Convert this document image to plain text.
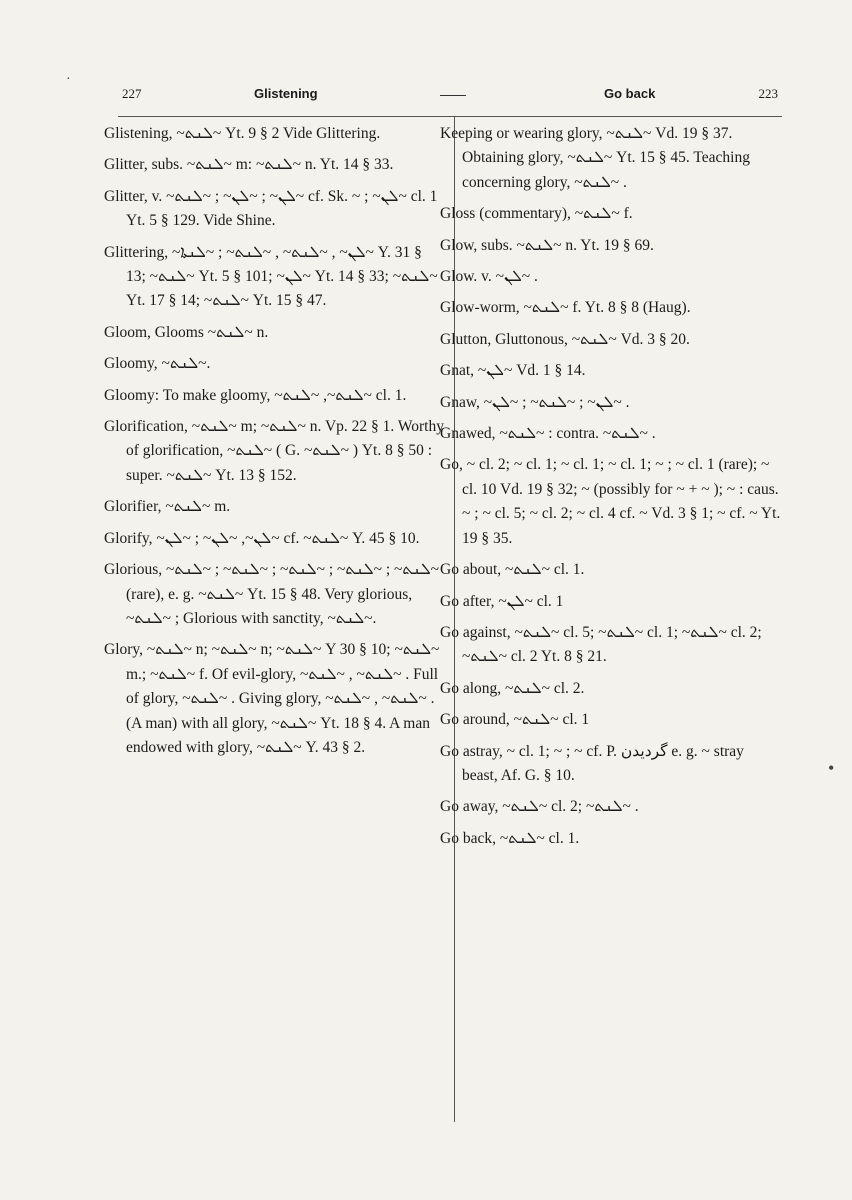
227	Glistening	Go back	223

Glistening, ~ܠܢܬ~ Yt. 9 § 2 Vide Glittering.

Glitter, subs. ~ܠܢܬ~ m: ~ܠܢܬ~ n. Yt. 14 § 33.

Glitter, v. ~ܠܢ~ ; ~ܠܢ~ ; ~ܠܢܬ~ cf. Sk. ~ ; ~ܠܢ~ cl. 1 Yt. 5 § 129. Vide Shine.

Glittering, ~ܠܢ~ , ~ܠܢܬ~ , ~ܠܢܬ~ ; ~ܠܢܬܐ~ Y. 31 § 13; ~ܠܢܬ~ Yt. 5 § 101; ~ܠܢ~ Yt. 14 § 33; ~ܠܢܬ~ Yt. 17 § 14; ~ܠܢܬ~ Yt. 15 § 47.

Gloom, Glooms ~ܠܢܬ~ n.

Gloomy, ~ܠܢܬ~.

Gloomy: To make gloomy, ~ܠܢܬ~, ~ܠܢܬ~ cl. 1.

Glorification, ~ܠܢܬ~ m; ~ܠܢܬ~ n. Vp. 22 § 1. Worthy of glorification, ~ܠܢܬ~ ( G. ~ܠܢܬ~ ) Yt. 8 § 50 : super. ~ܠܢܬ~ Yt. 13 § 152.

Glorifier, ~ܠܢܬ~ m.

Glorify, ~ܠܢ~, ~ܠܢ~ ; ~ܠܢ~ cf. ~ܠܢܬ~ Y. 45 § 10.

Glorious, ~ܠܢܬ~ ; ~ܠܢܬ~ ; ~ܠܢܬ~ ; ~ܠܢܬ~ ; ~ܠܢܬ~ (rare), e. g. ~ܠܢܬ~ Yt. 15 § 48. Very glorious, ~ܠܢܬ~ ; Glorious with sanctity, ~ܠܢܬ~.

Glory, ~ܠܢܬ~ n; ~ܠܢܬ~ n; ~ܠܢܬ~ Y 30 § 10; ~ܠܢܬ~ m.; ~ܠܢܬ~ f. Of evil-glory, ~ܠܢܬ~ , ~ܠܢܬ~ . Full of glory, ~ܠܢܬ~ . Giving glory, ~ܠܢܬ~ , ~ܠܢܬ~ . (A man) with all glory, ~ܠܢܬ~ Yt. 18 § 4. A man endowed with glory, ~ܠܢܬ~ Y. 43 § 2.

Keeping or wearing glory, ~ܠܢܬ~ Vd. 19 § 37. Obtaining glory, ~ܠܢܬ~ Yt. 15 § 45. Teaching concerning glory, ~ܠܢܬ~ .

Gloss (commentary), ~ܠܢܬ~ f.

Glow, subs. ~ܠܢܬ~ n. Yt. 19 § 69.

Glow. v. ~ܠܢ~ .

Glow-worm, ~ܠܢܬ~ f. Yt. 8 § 8 (Haug).

Glutton, Gluttonous, ~ܠܢܬ~ Vd. 3 § 20.

Gnat, ~ܠܢ~ Vd. 1 § 14.

Gnaw, ~ܠܢ~ ; ~ܠܢܬ~ ; ~ܠܢ~ .

Gnawed, ~ܠܢܬ~ : contra. ~ܠܢܬ~ .

Go, ~ cl. 2; ~ cl. 1; ~ cl. 1; ~ cl. 1; ~ ; ~ cl. 1 (rare); ~ cl. 10 Vd. 19 § 32; ~ (possibly for ~ + ~ ); ~ : caus. ~ ; ~ cl. 5; ~ cl. 2; ~ cl. 4 cf. ~ Vd. 3 § 1; ~ cf. ~ Yt. 19 § 35.

Go about, ~ܠܢܬ~ cl. 1.

Go after, ~ܠܢ~ cl. 1

Go against, ~ܠܢܬ~ cl. 5; ~ܠܢܬ~ cl. 1; ~ܠܢܬ~ cl. 2; ~ܠܢܬ~ cl. 2 Yt. 8 § 21.

Go along, ~ܠܢܬ~ cl. 2.

Go around, ~ܠܢܬ~ cl. 1

Go astray, ~ cl. 1; ~ ; ~ cf. P. گردیدن e. g. ~ stray beast, Af. G. § 10.

Go away, ~ܠܢܬ~ cl. 2; ~ܠܢܬ~ .

Go back, ~ܠܢܬ~ cl. 1.

·
•
